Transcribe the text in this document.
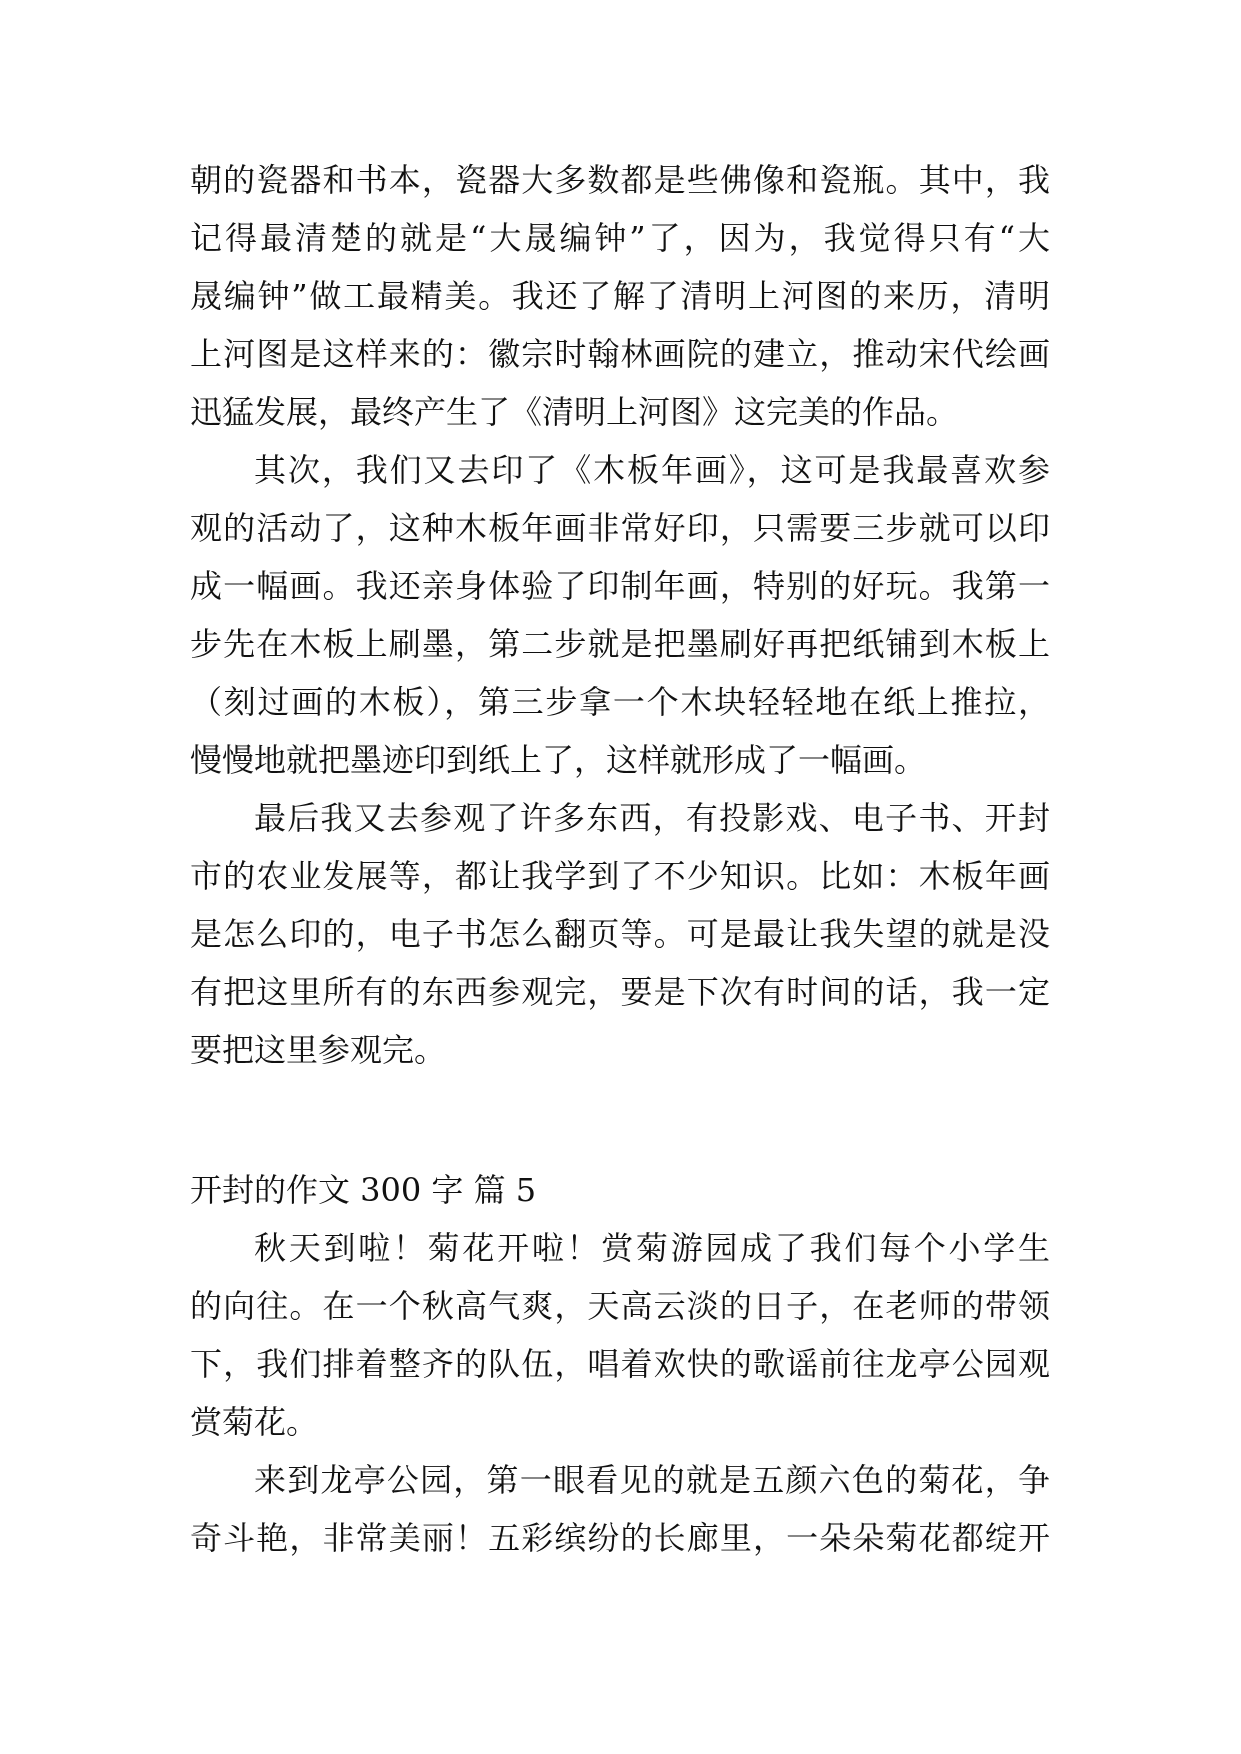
朝的瓷器和书本，瓷器大多数都是些佛像和瓷瓶。其中，我
记得最清楚的就是“大晟编钟”了，因为，我觉得只有“大
晟编钟”做工最精美。我还了解了清明上河图的来历，清明
上河图是这样来的：徽宗时翰林画院的建立，推动宋代绘画
迅猛发展，最终产生了《清明上河图》这完美的作品。
其次，我们又去印了《木板年画》，这可是我最喜欢参
观的活动了，这种木板年画非常好印，只需要三步就可以印
成一幅画。我还亲身体验了印制年画，特别的好玩。我第一
步先在木板上刷墨，第二步就是把墨刷好再把纸铺到木板上
（刻过画的木板），第三步拿一个木块轻轻地在纸上推拉，
慢慢地就把墨迹印到纸上了，这样就形成了一幅画。
最后我又去参观了许多东西，有投影戏、电子书、开封
市的农业发展等，都让我学到了不少知识。比如：木板年画
是怎么印的，电子书怎么翻页等。可是最让我失望的就是没
有把这里所有的东西参观完，要是下次有时间的话，我一定
要把这里参观完。
开封的作文 300 字 篇 5
秋天到啦！菊花开啦！赏菊游园成了我们每个小学生
的向往。在一个秋高气爽，天高云淡的日子，在老师的带领
下，我们排着整齐的队伍，唱着欢快的歌谣前往龙亭公园观
赏菊花。
来到龙亭公园，第一眼看见的就是五颜六色的菊花，争
奇斗艳，非常美丽！五彩缤纷的长廊里，一朵朵菊花都绽开
